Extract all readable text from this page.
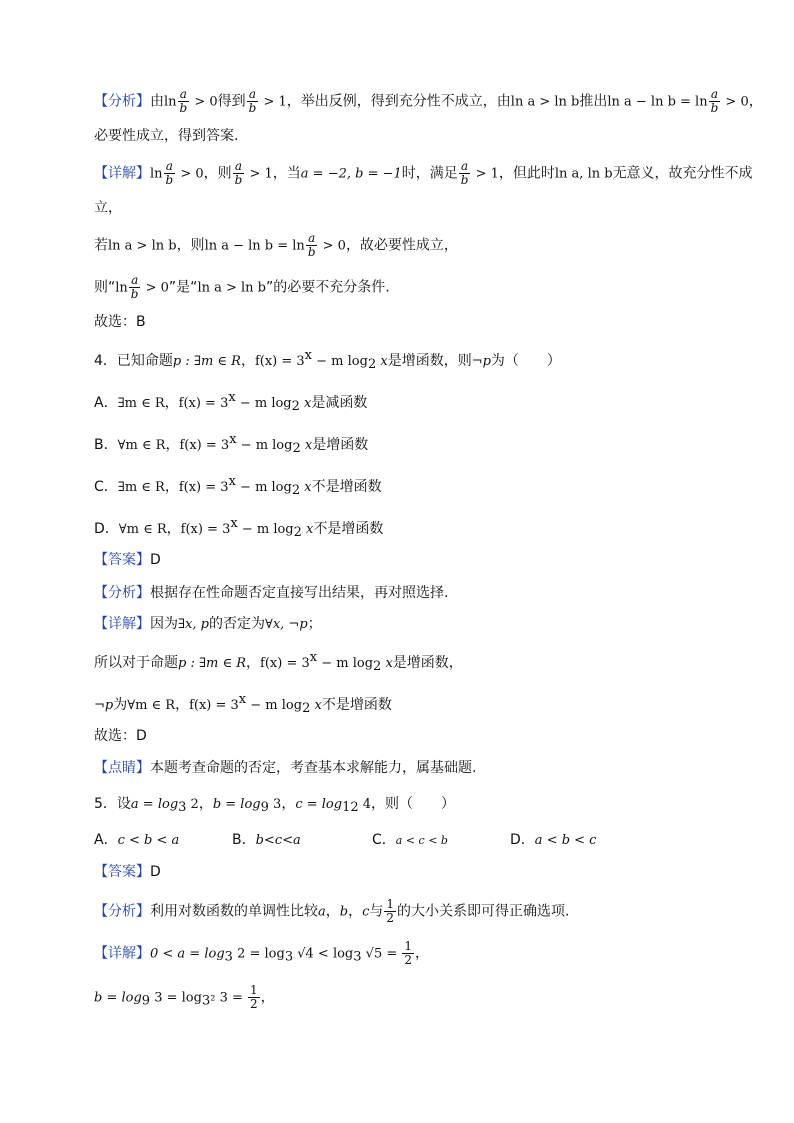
【分析】由$\ln \frac{a}{b} > 0$得到 $\frac{a}{b} > 1$，举出反例，得到充分性不成立，由ln a > ln b推出$\ln a - \ln b = \ln \frac{a}{b} > 0$，
必要性成立，得到答案.
【详解】$\ln \frac{a}{b} > 0$，则 $\frac{a}{b} > 1$，当a = −2, b = −1时，满足 $\frac{a}{b} > 1$，但此时ln a, ln b无意义，故充分性不成
立，
若ln a > ln b，则$\ln a - \ln b = \ln \frac{a}{b} > 0$，故必要性成立，
则“$\ln \frac{a}{b} > 0$”是“ln a > ln b”的必要不充分条件.
故选：B
4．已知命题p : ∃m ∈ R，$f(x) = 3^x - m$ $\log_2 x$是增函数，则¬p为（　　）
A．∃m ∈ R，$f(x) = 3^x - m$ $\log_2 x$是减函数
B．∀m ∈ R，$f(x) = 3^x - m$ $\log_2 x$是增函数
C．∃m ∈ R，$f(x) = 3^x - m$ $\log_2 x$不是增函数
D．∀m ∈ R，$f(x) = 3^x - m$ $\log_2 x$不是增函数
【答案】D
【分析】根据存在性命题否定直接写出结果，再对照选择.
【详解】因为∃x, p的否定为∀x, ¬p；
所以对于命题p : ∃m ∈ R，$f(x) = 3^x - m$ $\log_2 x$是增函数，
¬p为∀m ∈ R，$f(x) = 3^x - m$ $\log_2 x$不是增函数
故选：D
【点睛】本题考查命题的否定，考查基本求解能力，属基础题.
5．设$a = \log_3 2$，$b = \log_9 3$，$c = \log_{12} 4$，则（　　）
A．c < b < a	B．b<c<a	C．a < c < b	D．a < b < c
【答案】D
【分析】利用对数函数的单调性比较a，b，c与 $\frac{1}{2}$ 的大小关系即可得正确选项.
【详解】$0 < a = \log_3 2 = \log_3 √4 < \log_3 √5 = \frac{1}{2}$ ，
$b = \log_9 3 = \log_{3^2} 3 = \frac{1}{2}$ ，
